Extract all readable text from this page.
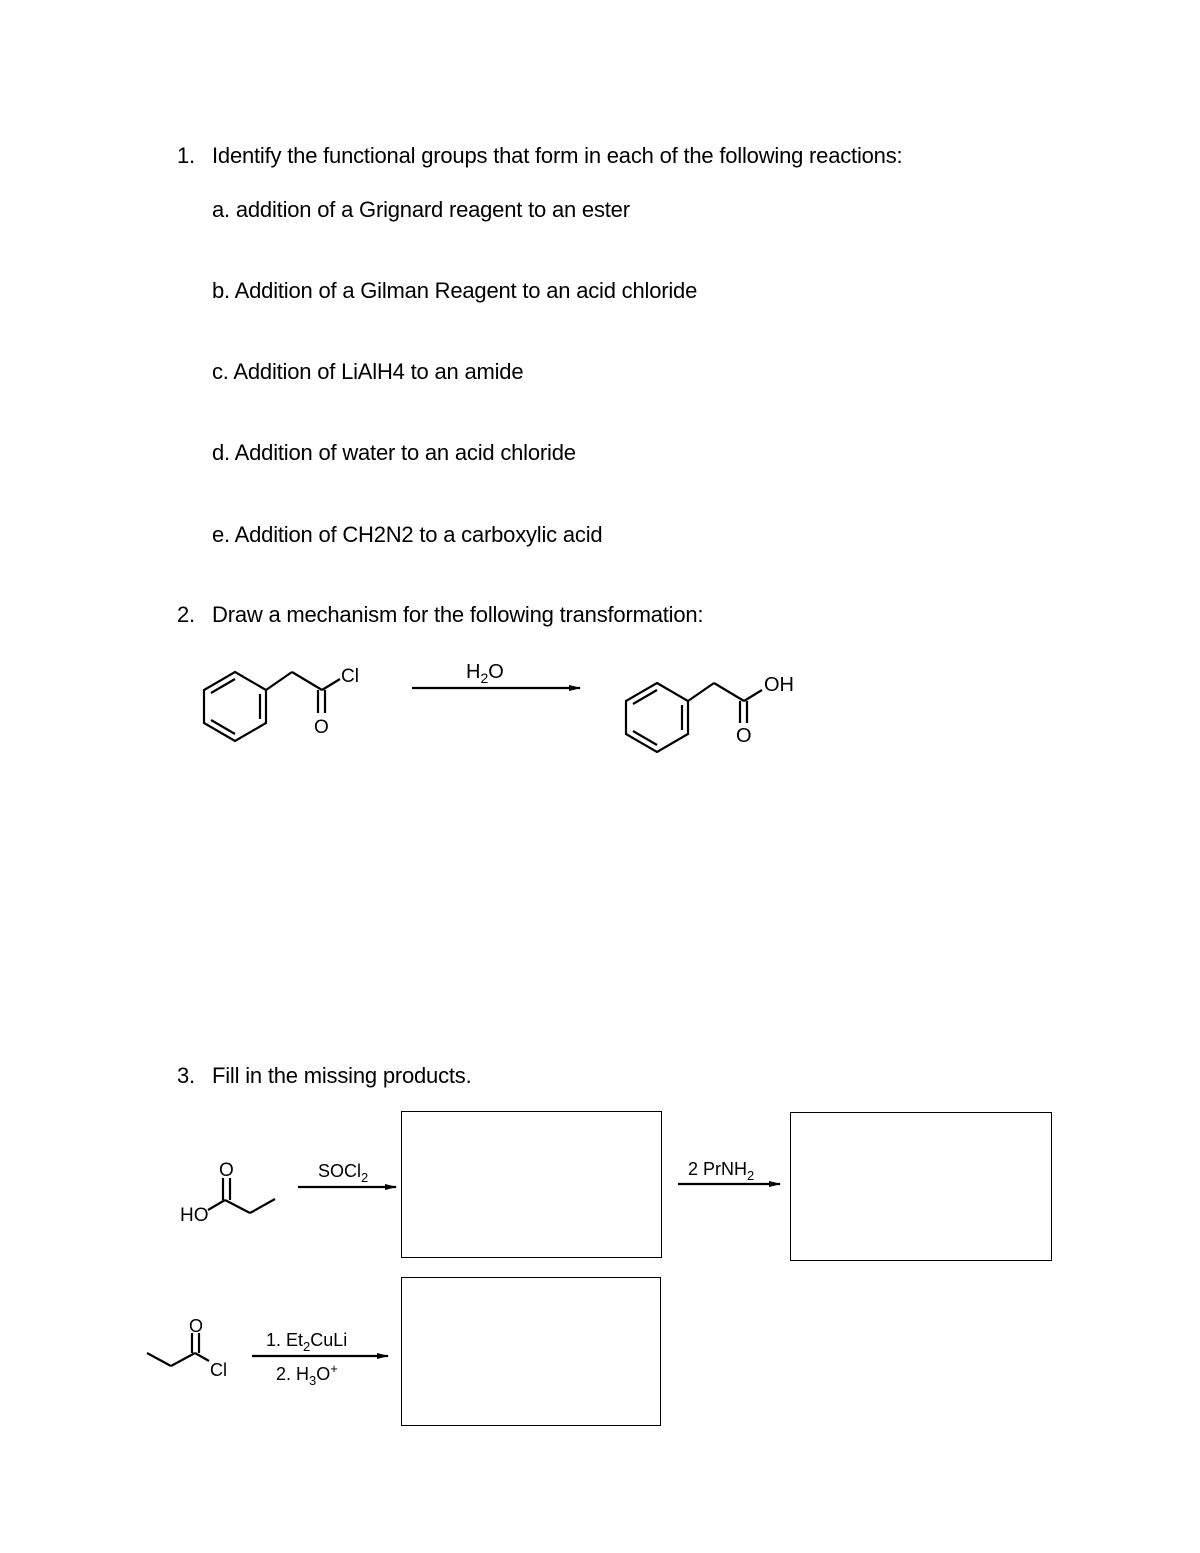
1. Identify the functional groups that form in each of the following reactions:
a. addition of a Grignard reagent to an ester
b. Addition of a Gilman Reagent to an acid chloride
c. Addition of LiAlH4 to an amide
d. Addition of water to an acid chloride
e. Addition of CH2N2 to a carboxylic acid
2. Draw a mechanism for the following transformation:
3. Fill in the missing products.
Cl
O
$H_2O$
OH
O
O
HO
SOCl$_2$	2 PrNH$_2$
O
Cl
1. $Et_2CuLi$
2. $H_3O^+$
